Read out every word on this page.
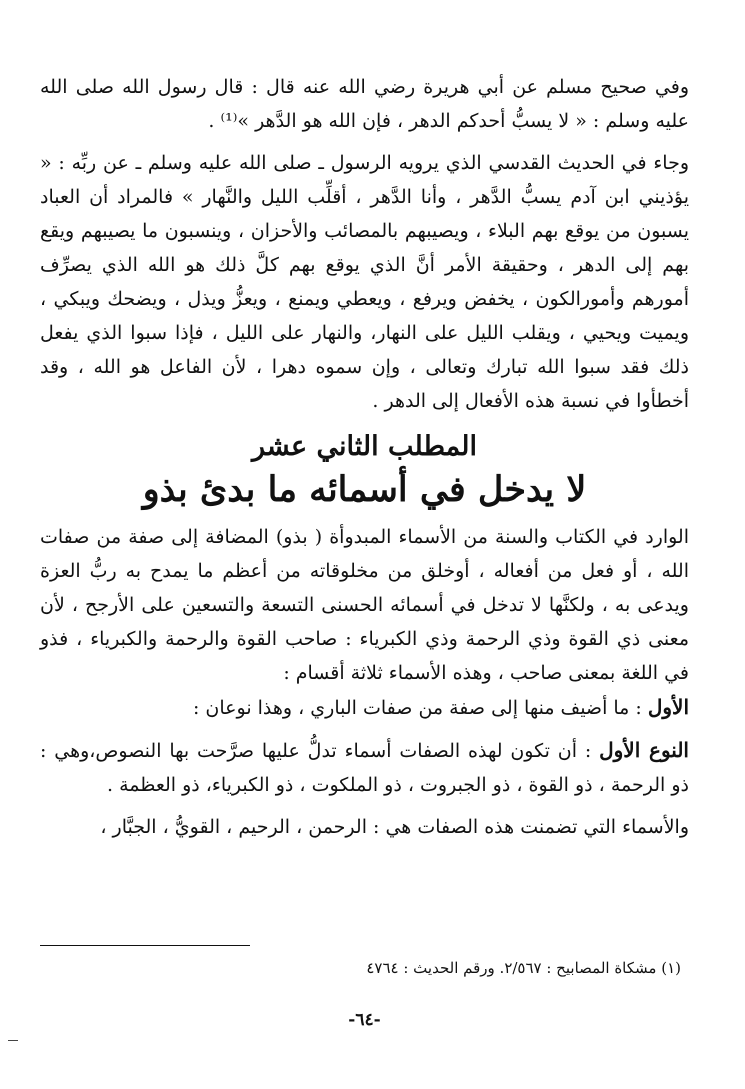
وفي صحيح مسلم عن أبي هريرة رضي الله عنه قال : قال رسول الله صلى الله عليه وسلم : « لا يسبُّ أحدكم الدهر ، فإن الله هو الدَّهر »⁽¹⁾ .

وجاء في الحديث القدسي الذي يرويه الرسول ـ صلى الله عليه وسلم ـ عن ربِّه : « يؤذيني ابن آدم يسبُّ الدَّهر ، وأنا الدَّهر ، أقلِّب الليل والنَّهار » فالمراد أن العباد يسبون من يوقع بهم البلاء ، ويصيبهم بالمصائب والأحزان ، وينسبون ما يصيبهم ويقع بهم إلى الدهر ، وحقيقة الأمر أنَّ الذي يوقع بهم كلَّ ذلك هو الله الذي يصرِّف أمورهم وأمورالكون ، يخفض ويرفع ، ويعطي ويمنع ، ويعزُّ ويذل ، ويضحك ويبكي ، ويميت ويحيي ، ويقلب الليل على النهار، والنهار على الليل ، فإذا سبوا الذي يفعل ذلك فقد سبوا الله تبارك وتعالى ، وإن سموه دهرا ، لأن الفاعل هو الله ، وقد أخطأوا في نسبة هذه الأفعال إلى الدهر .

المطلب الثاني عشر
لا يدخل في أسمائه ما بدئ بذو

الوارد في الكتاب والسنة من الأسماء المبدوأة ( بذو) المضافة إلى صفة من صفات الله ، أو فعل من أفعاله ، أوخلق من مخلوقاته من أعظم ما يمدح به ربُّ العزة ويدعى به ، ولكنَّها لا تدخل في أسمائه الحسنى التسعة والتسعين على الأرجح ، لأن معنى ذي القوة وذي الرحمة وذي الكبرياء : صاحب القوة والرحمة والكبرياء ، فذو في اللغة بمعنى صاحب ، وهذه الأسماء ثلاثة أقسام :

الأول : ما أضيف منها إلى صفة من صفات الباري ، وهذا نوعان :

النوع الأول : أن تكون لهذه الصفات أسماء تدلُّ عليها صرَّحت بها النصوص،وهي : ذو الرحمة ، ذو القوة ، ذو الجبروت ، ذو الملكوت ، ذو الكبرياء، ذو العظمة .

والأسماء التي تضمنت هذه الصفات هي : الرحمن ، الرحيم ، القويُّ ، الجبَّار ،

(١) مشكاة المصابيح : ٢/٥٦٧. ورقم الحديث : ٤٧٦٤

-٦٤-
